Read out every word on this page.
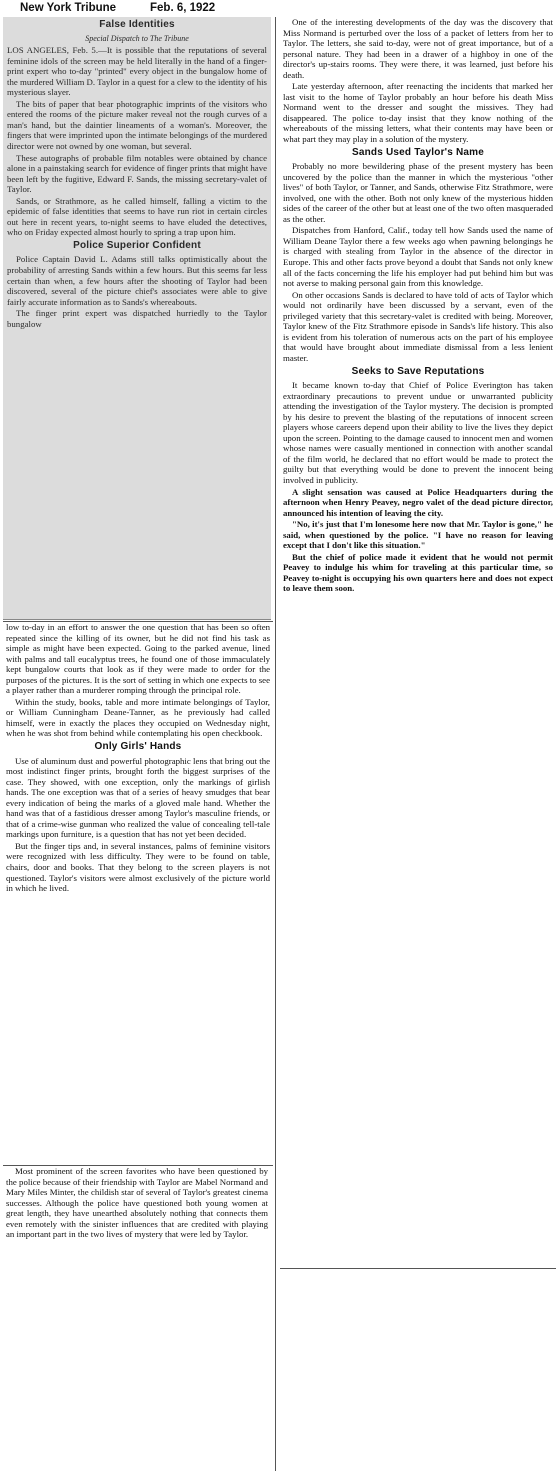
New York Tribune	Feb. 6, 1922
False Identities

Special Dispatch to The Tribune

LOS ANGELES, Feb. 5.—It is possible that the reputations of several feminine idols of the screen may be held literally in the hand of a finger-print expert who to-day "printed" every object in the bungalow home of the murdered William D. Taylor in a quest for a clew to the identity of his mysterious slayer.

The bits of paper that bear photographic imprints of the visitors who entered the rooms of the picture maker reveal not the rough curves of a man's hand, but the daintier lineaments of a woman's. Moreover, the fingers that were imprinted upon the intimate belongings of the murdered director were not owned by one woman, but several.

These autographs of probable film notables were obtained by chance alone in a painstaking search for evidence of finger prints that might have been left by the fugitive, Edward F. Sands, the missing secretary-valet of Taylor.

Sands, or Strathmore, as he called himself, falling a victim to the epidemic of false identities that seems to have run riot in certain circles out here in recent years, to-night seems to have eluded the detectives, who on Friday expected almost hourly to spring a trap upon him.

Police Superior Confident

Police Captain David L. Adams still talks optimistically about the probability of arresting Sands within a few hours. But this seems far less certain than when, a few hours after the shooting of Taylor had been discovered, several of the picture chief's associates were able to give fairly accurate information as to Sands's whereabouts.

The finger print expert was dispatched hurriedly to the Taylor bungalow

low to-day in an effort to answer the one question that has been so often repeated since the killing of its owner, but he did not find his task as simple as might have been expected. Going to the parked avenue, lined with palms and tall eucalyptus trees, he found one of those immaculately kept bungalow courts that look as if they were made to order for the purposes of the pictures. It is the sort of setting in which one expects to see a player rather than a murderer romping through the principal role.

Within the study, books, table and more intimate belongings of Taylor, or William Cunningham Deane-Tanner, as he previously had called himself, were in exactly the places they occupied on Wednesday night, when he was shot from behind while contemplating his open checkbook.

Only Girls' Hands

Use of aluminum dust and powerful photographic lens that bring out the most indistinct finger prints, brought forth the biggest surprises of the case. They showed, with one exception, only the markings of girlish hands. The one exception was that of a series of heavy smudges that bear every indication of being the marks of a gloved male hand. Whether the hand was that of a fastidious dresser among Taylor's masculine friends, or that of a crime-wise gunman who realized the value of concealing tell-tale markings upon furniture, is a question that has not yet been decided.

But the finger tips and, in several instances, palms of feminine visitors were recognized with less difficulty. They were to be found on table, chairs, door and books. That they belong to the screen players is not questioned. Taylor's visitors were almost exclusively of the picture world in which he lived.

Most prominent of the screen favorites who have been questioned by the police because of their friendship with Taylor are Mabel Normand and Mary Miles Minter, the childish star of several of Taylor's greatest cinema successes. Although the police have questioned both young women at great length, they have unearthed absolutely nothing that connects them even remotely with the sinister influences that are credited with playing an important part in the two lives of mystery that were led by Taylor.

One of the interesting developments of the day was the discovery that Miss Normand is perturbed over the loss of a packet of letters from her to Taylor. The letters, she said to-day, were not of great importance, but of a personal nature. They had been in a drawer of a highboy in one of the director's up-stairs rooms. They were there, it was learned, just before his death.

Late yesterday afternoon, after reenacting the incidents that marked her last visit to the home of Taylor probably an hour before his death Miss Normand went to the dresser and sought the missives. They had disappeared. The police to-day insist that they know nothing of the whereabouts of the missing letters, what their contents may have been or what part they may play in a solution of the mystery.

Sands Used Taylor's Name

Probably no more bewildering phase of the present mystery has been uncovered by the police than the manner in which the mysterious "other lives" of both Taylor, or Tanner, and Sands, otherwise Fitz Strathmore, were involved, one with the other. Both not only knew of the mysterious hidden sides of the career of the other but at least one of the two often masqueraded as the other.

Dispatches from Hanford, Calif., today tell how Sands used the name of William Deane Taylor there a few weeks ago when pawning belongings he is charged with stealing from Taylor in the absence of the director in Europe. This and other facts prove beyond a doubt that Sands not only knew all of the facts concerning the life his employer had put behind him but was not averse to making personal gain from this knowledge.

On other occasions Sands is declared to have told of acts of Taylor which would not ordinarily have been discussed by a servant, even of the privileged variety that this secretary-valet is credited with being. Moreover, Taylor knew of the Fitz Strathmore episode in Sands's life history. This also is evident from his toleration of numerous acts on the part of his employee that would have brought about immediate dismissal from a less lenient master.

Seeks to Save Reputations

It became known to-day that Chief of Police Everington has taken extraordinary precautions to prevent undue or unwarranted publicity attending the investigation of the Taylor mystery. The decision is prompted by his desire to prevent the blasting of the reputations of innocent screen players whose careers depend upon their ability to live the lives they depict upon the screen. Pointing to the damage caused to innocent men and women whose names were casually mentioned in connection with another scandal of the film world, he declared that no effort would be made to protect the guilty but that everything would be done to prevent the innocent being involved in publicity.

A slight sensation was caused at Police Headquarters during the afternoon when Henry Peavey, negro valet of the dead picture director, announced his intention of leaving the city.

"No, it's just that I'm lonesome here now that Mr. Taylor is gone," he said, when questioned by the police. "I have no reason for leaving except that I don't like this situation."

But the chief of police made it evident that he would not permit Peavey to indulge his whim for traveling at this particular time, so Peavey to-night is occupying his own quarters here and does not expect to leave them soon.
